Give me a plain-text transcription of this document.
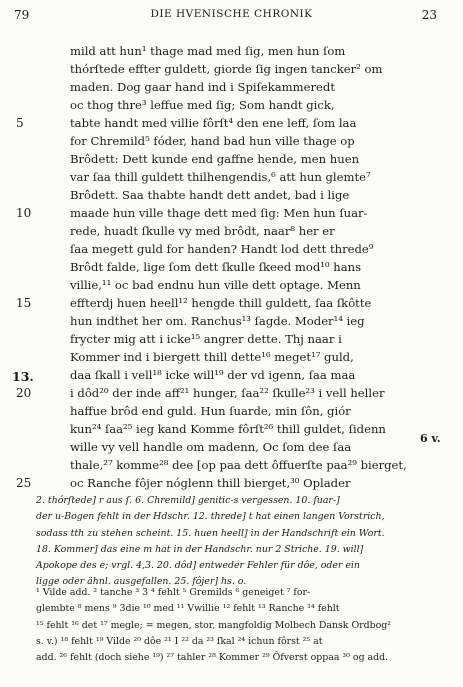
79	DIE HVENISCHE CHRONIK	23
mild att hun¹ thage mad med ſig, men hun ſom
thórſtede effter guldett, giorde ſig ingen tancker² om
maden. Dog gaar hand ind i Spiſekammeredt
oc thog thre³ leffue med ſig; Som handt gick,
5	tabte handt med villie fôrſt⁴ den ene leff, ſom laa
for Chremild⁵ fóder, hand bad hun ville thage op
Brôdett: Dett kunde end gaffne hende, men huen
var ſaa thill guldett thilhengendis,⁶ att hun glemte⁷
Brôdett. Saa thabte handt dett andet, bad i lige
10	maade hun ville thage dett med ſig: Men hun ſuar-
rede, huadt ſkulle vy med brôdt, naar⁸ her er
ſaa megett guld for handen? Handt lod dett threde⁹
Brôdt falde, lige ſom dett ſkulle ſkeed mod¹⁰ hans
villie,¹¹ oc bad endnu hun ville dett optage. Menn
15	effterdj huen heell¹² hengde thill guldett, ſaa ſkôtte
hun indthet her om. Ranchus¹³ ſagde. Moder¹⁴ ieg
frycter mig att i icke¹⁵ angrer dette. Thj naar i
Kommer ind i biergett thill dette¹⁶ meget¹⁷ guld,
daa ſkall i vell¹⁸ icke will¹⁹ der vd igenn, ſaa maa
20	i dôd²⁰ der inde aff²¹ hunger, ſaa²² ſkulle²³ i vell heller
haffue brôd end guld. Hun ſuarde, min ſôn, giór
kun²⁴ ſaa²⁵ ieg kand Komme fôrſt²⁶ thill guldet, ſidenn
wille vy vell handle om madenn, Oc ſom dee ſaa
thale,²⁷ komme²⁸ dee [op paa dett ôffuerſte paa²⁹ bierget,
25	oc Ranche fôjer nóglenn thill bierget,³⁰ Oplader
13.
6 v.
2. thórſtede] r aus ſ. 6. Chremild] genitic-s vergessen. 10. ſuar-]
der u-Bogen fehlt in der Hdschr. 12. threde] t hat einen langen Vorstrich,
sodass tth zu stehen scheint. 15. huen heell] in der Handschrift ein Wort.
18. Kommer] das eine m hat in der Handschr. nur 2 Striche. 19. will]
Apokope des e; vrgl. 4,3. 20. dôd] entweder Fehler für dôe, oder ein
ligge oder ähnl. ausgefallen. 25. fôjer] hs. o.
¹ Vilde add. ² tanche ³ 3 ⁴ fehlt ⁵ Gremilds ⁶ geneiget ⁷ for-
glembte ⁸ mens ⁹ 3die ¹⁰ med ¹¹ Vwillie ¹² fehlt ¹³ Ranche ¹⁴ fehlt
¹⁵ fehlt ¹⁶ det ¹⁷ megle; = megen, stor, mangfoldig Molbech Dansk Ordbog²
s. v.) ¹⁸ fehlt ¹⁹ Vilde ²⁰ dôe ²¹ I ²² da ²³ ſkal ²⁴ ichun fôrst ²⁵ at
add. ²⁶ fehlt (doch siehe ¹⁹) ²⁷ tahler ²⁸ Kommer ²⁹ Ôfverst oppaa ³⁰ og add.
